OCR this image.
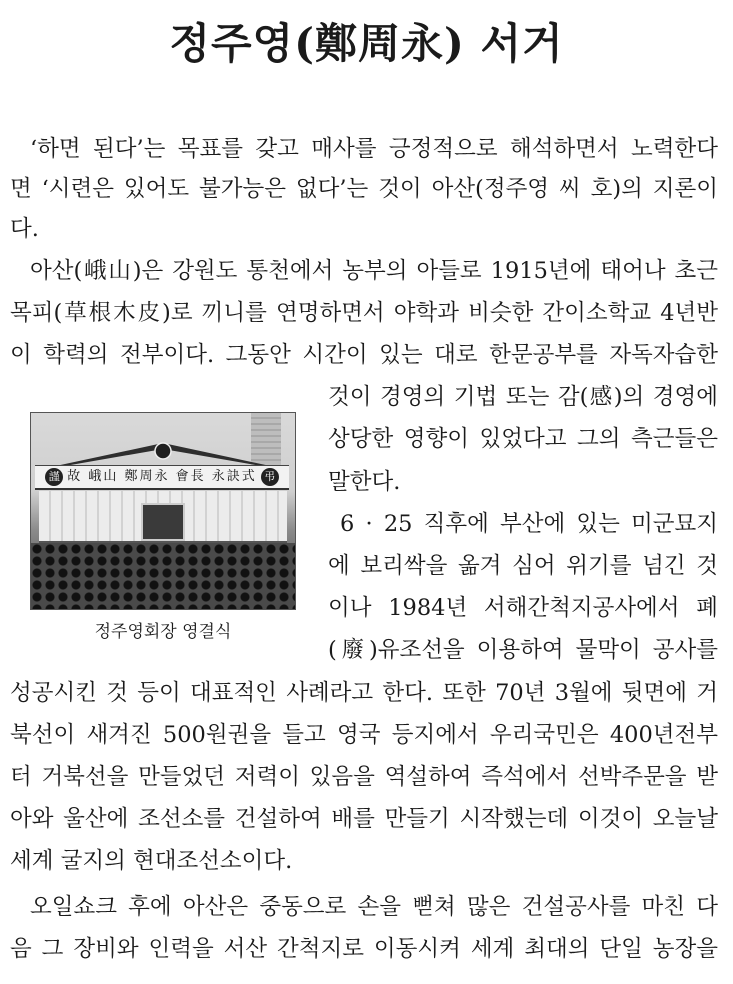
정주영(鄭周永) 서거

‘하면 된다’는 목표를 갖고 매사를 긍정적으로 해석하면서 노력한다

면 ‘시련은 있어도 불가능은 없다’는 것이 아산(정주영 씨 호)의 지론이

다.

아산(峨山)은 강원도 통천에서 농부의 아들로 1915년에 태어나 초근

목피(草根木皮)로 끼니를 연명하면서 야학과 비슷한 간이소학교 4년반

이 학력의 전부이다. 그동안 시간이 있는 대로 한문공부를 자독자습한

것이 경영의 기법 또는 감(感)의 경영에

상당한 영향이 있었다고 그의 측근들은

말한다.

6 · 25 직후에 부산에 있는 미군묘지

에 보리싹을 옮겨 심어 위기를 넘긴 것

이나 1984년 서해간척지공사에서 폐

(廢)유조선을 이용하여 물막이 공사를

성공시킨 것 등이 대표적인 사례라고 한다. 또한 70년 3월에 뒷면에 거

북선이 새겨진 500원권을 들고 영국 등지에서 우리국민은 400년전부

터 거북선을 만들었던 저력이 있음을 역설하여 즉석에서 선박주문을 받

아와 울산에 조선소를 건설하여 배를 만들기 시작했는데 이것이 오늘날

세계 굴지의 현대조선소이다.

오일쇼크 후에 아산은 중동으로 손을 뻗쳐 많은 건설공사를 마친 다

음 그 장비와 인력을 서산 간척지로 이동시켜 세계 최대의 단일 농장을

謹 故 峨山 鄭周永 會長 永訣式 弔
정주영회장 영결식
